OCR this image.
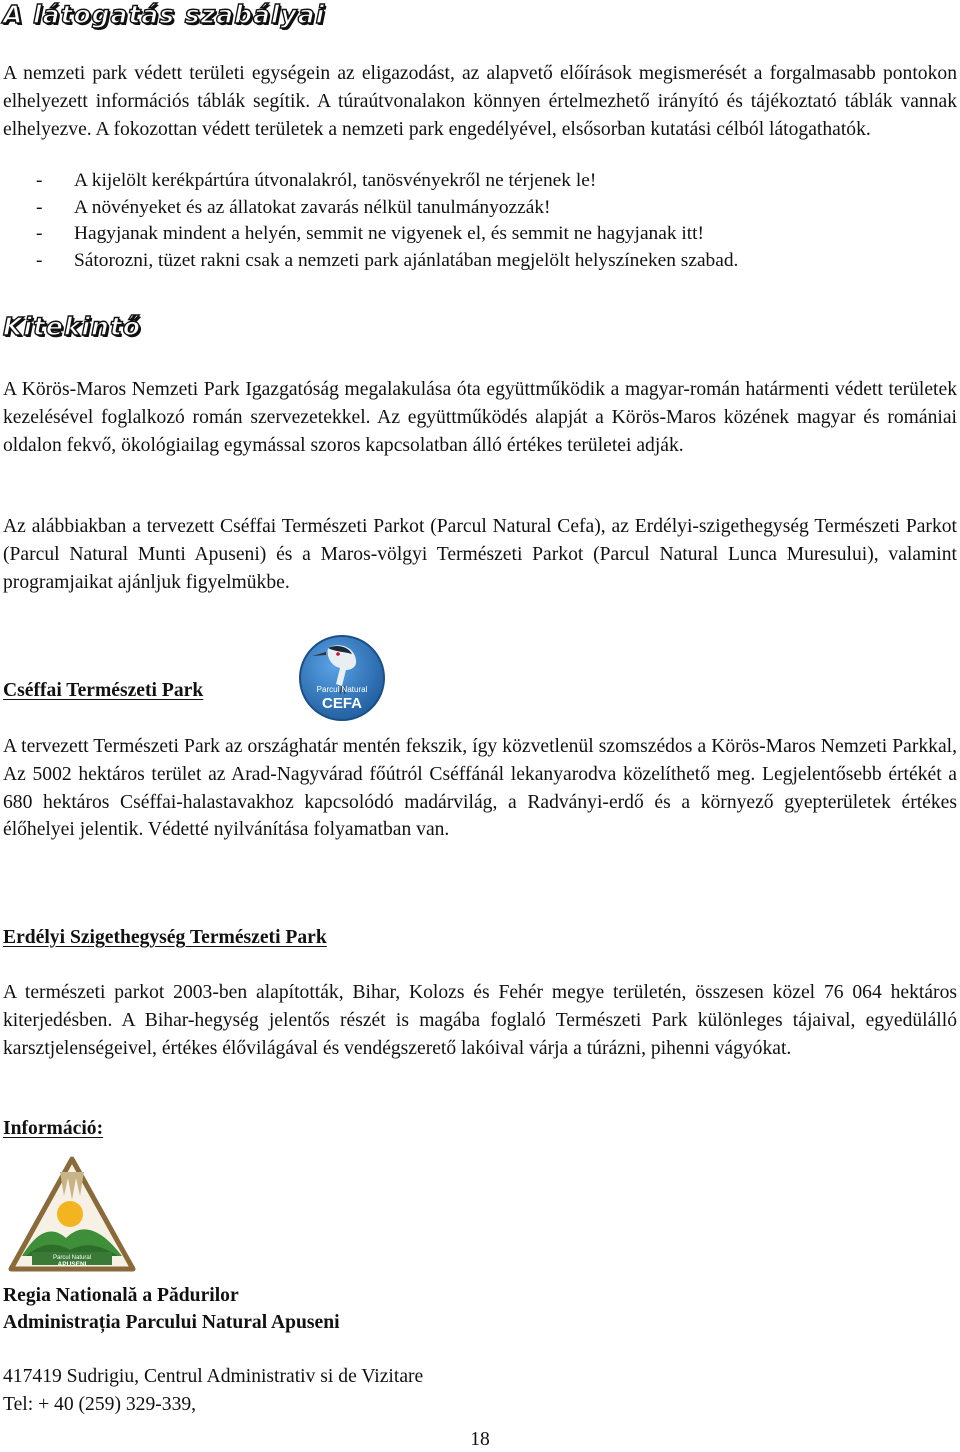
A látogatás szabályai

A nemzeti park védett területi egységein az eligazodást, az alapvető előírások megismerését a forgalmasabb pontokon elhelyezett információs táblák segítik. A túraútvonalakon könnyen értelmezhető irányító és tájékoztató táblák vannak elhelyezve. A fokozottan védett területek a nemzeti park engedélyével, elsősorban kutatási célból látogathatók.

- A kijelölt kerékpártúra útvonalakról, tanösvényekről ne térjenek le!
- A növényeket és az állatokat zavarás nélkül tanulmányozzák!
- Hagyjanak mindent a helyén, semmit ne vigyenek el, és semmit ne hagyjanak itt!
- Sátorozni, tüzet rakni csak a nemzeti park ajánlatában megjelölt helyszíneken szabad.
Kitekintő

A Körös-Maros Nemzeti Park Igazgatóság megalakulása óta együttműködik a magyar-román határmenti védett területek kezelésével foglalkozó román szervezetekkel. Az együttműködés alapját a Körös-Maros közének magyar és romániai oldalon fekvő, ökológiailag egymással szoros kapcsolatban álló értékes területei adják.

Az alábbiakban a tervezett Cséffai Természeti Parkot (Parcul Natural Cefa), az Erdélyi-szigethegység Természeti Parkot (Parcul Natural Munti Apuseni) és a Maros-völgyi Természeti Parkot (Parcul Natural Lunca Muresului), valamint programjaikat ajánljuk figyelmükbe.

Cséffai Természeti Park	Parcul Natural
CEFA

A tervezett Természeti Park az országhatár mentén fekszik, így közvetlenül szomszédos a Körös-Maros Nemzeti Parkkal, Az 5002 hektáros terület az Arad-Nagyvárad főútról Cséffánál lekanyarodva közelíthető meg. Legjelentősebb értékét a 680 hektáros Cséffai-halastavakhoz kapcsolódó madárvilág, a Radványi-erdő és a környező gyepterületek értékes élőhelyei jelentik. Védetté nyilvánítása folyamatban van.

Erdélyi Szigethegység Természeti Park

A természeti parkot 2003-ben alapították, Bihar, Kolozs és Fehér megye területén, összesen közel 76 064 hektáros kiterjedésben. A Bihar-hegység jelentős részét is magába foglaló Természeti Park különleges tájaival, egyedülálló karsztjelenségeivel, értékes élővilágával és vendégszerető lakóival várja a túrázni, pihenni vágyókat.

Információ:
Parcul Natural
APUSENI

Regia Natională a Pădurilor

Administrația Parcului Natural Apuseni

417419 Sudrigiu, Centrul Administrativ si de Vizitare

Tel: + 40 (259) 329-339,

18
